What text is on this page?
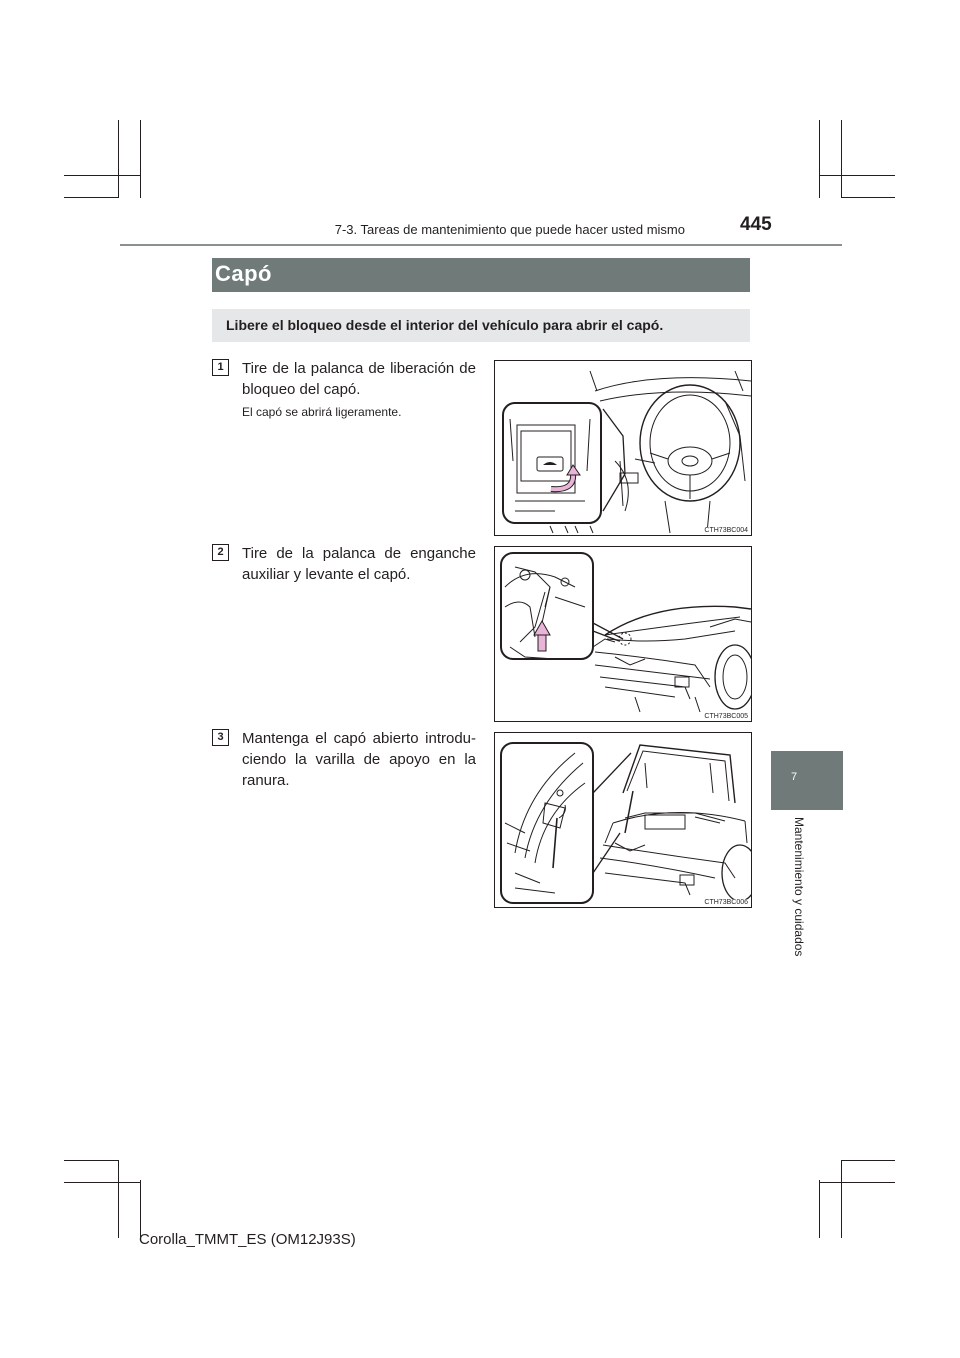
7-3. Tareas de mantenimiento que puede hacer usted mismo	445
Capó
Libere el bloqueo desde el interior del vehículo para abrir el capó.
1	Tire de la palanca de liberación de bloqueo del capó.
El capó se abrirá ligeramente.
CTH73BC004
2	Tire de la palanca de enganche auxiliar y levante el capó.
CTH73BC005
3	Mantenga el capó abierto introdu-ciendo la varilla de apoyo en la ranura.
CTH73BC006
7
Mantenimiento y cuidados
Corolla_TMMT_ES (OM12J93S)
